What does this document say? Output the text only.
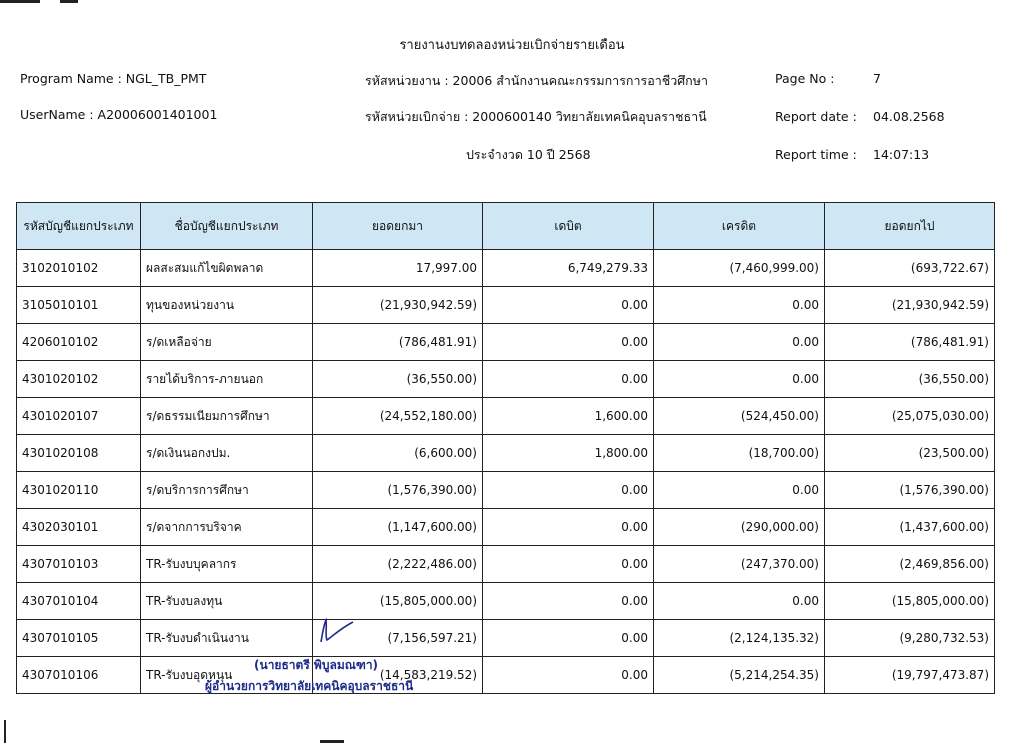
รายงานงบทดลองหน่วยเบิกจ่ายรายเดือน
Program Name : NGL_TB_PMT
UserName : A20006001401001
รหัสหน่วยงาน : 20006 สำนักงานคณะกรรมการการอาชีวศึกษา
รหัสหน่วยเบิกจ่าย : 2000600140 วิทยาลัยเทคนิคอุบลราชธานี
ประจำงวด 10 ปี 2568
Page No :	7
Report date : 04.08.2568
Report time : 14:07:13
รหัสบัญชีแยกประเภท	ชื่อบัญชีแยกประเภท	ยอดยกมา	เดบิต	เครดิต	ยอดยกไป
3102010102	ผลสะสมแก้ไขผิดพลาด	17,997.00	6,749,279.33	(7,460,999.00)	(693,722.67)
3105010101	ทุนของหน่วยงาน	(21,930,942.59)	0.00	0.00	(21,930,942.59)
4206010102	ร/ดเหลือจ่าย	(786,481.91)	0.00	0.00	(786,481.91)
4301020102	รายได้บริการ-ภายนอก	(36,550.00)	0.00	0.00	(36,550.00)
4301020107	ร/ดธรรมเนียมการศึกษา	(24,552,180.00)	1,600.00	(524,450.00)	(25,075,030.00)
4301020108	ร/ดเงินนอกงปม.	(6,600.00)	1,800.00	(18,700.00)	(23,500.00)
4301020110	ร/ดบริการการศึกษา	(1,576,390.00)	0.00	0.00	(1,576,390.00)
4302030101	ร/ดจากการบริจาค	(1,147,600.00)	0.00	(290,000.00)	(1,437,600.00)
4307010103	TR-รับงบบุคลากร	(2,222,486.00)	0.00	(247,370.00)	(2,469,856.00)
4307010104	TR-รับงบลงทุน	(15,805,000.00)	0.00	0.00	(15,805,000.00)
4307010105	TR-รับงบดำเนินงาน	(7,156,597.21)	0.00	(2,124,135.32)	(9,280,732.53)
4307010106	TR-รับงบอุดหนุน	(14,583,219.52)	0.00	(5,214,254.35)	(19,797,473.87)
(นายธาตรี พิบูลมณฑา)
ผู้อำนวยการวิทยาลัยเทคนิคอุบลราชธานี
